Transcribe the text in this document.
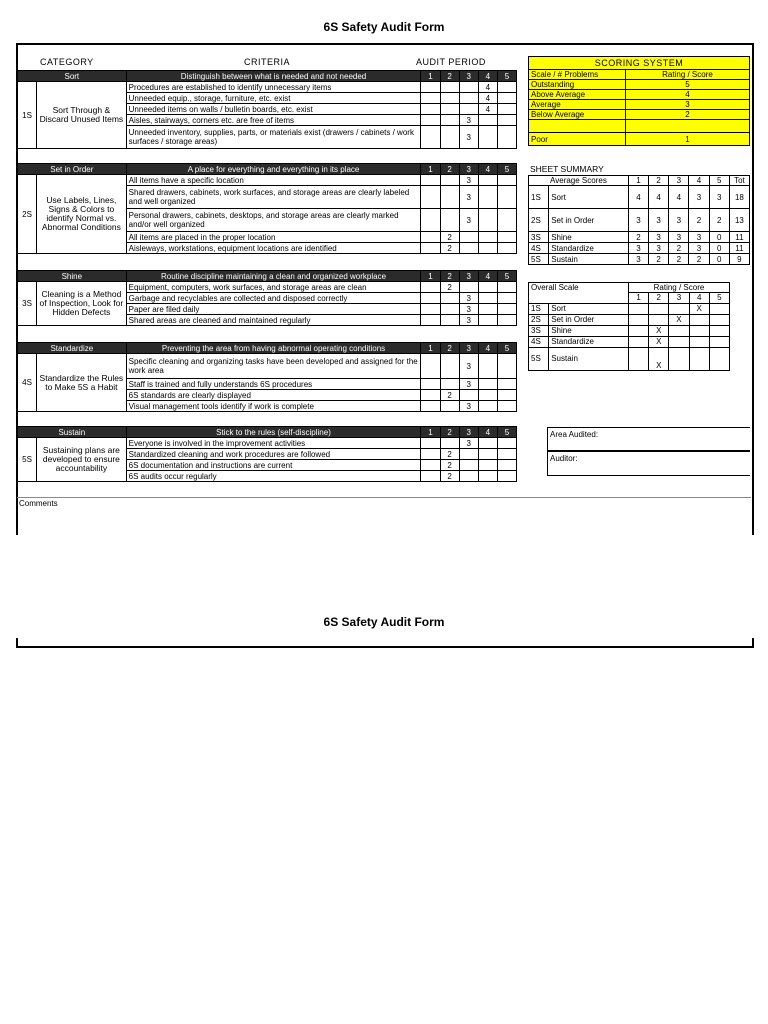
6S Safety Audit Form
CATEGORY	CRITERIA	AUDIT PERIOD
Sort		Distinguish between what is needed and not needed	1	2	3	4	5
1S	Sort Through & Discard Unused Items	Procedures are established to identify unnecessary items				4	
		Unneeded equip., storage, furniture, etc. exist				4	
		Unneeded items on walls / bulletin boards, etc. exist				4	
		Aisles, stairways, corners etc. are free of items			3		
		Unneeded inventory, supplies, parts, or materials exist (drawers / cabinets / work surfaces / storage areas)			3		
Set in Order		A place for everything and everything in its place	1	2	3	4	5
2S	Use Labels, Lines, Signs & Colors to identify Normal vs. Abnormal Conditions	All items have a specific location			3		
		Shared drawers, cabinets, work surfaces, and storage areas are clearly labeled and well organized			3		
		Personal drawers, cabinets, desktops, and storage areas are clearly marked and/or well organized			3		
		All items are placed in the proper location		2			
		Aisleways, workstations, equipment locations are identified		2			
Shine		Routine discipline maintaining a clean and organized workplace	1	2	3	4	5
3S	Cleaning is a Method of Inspection, Look for Hidden Defects	Equipment, computers, work surfaces, and storage areas are clean		2			
		Garbage and recyclables are collected and disposed correctly			3		
		Paper are filed daily			3		
		Shared areas are cleaned and maintained regularly			3		
Standardize		Preventing the area from having abnormal operating conditions	1	2	3	4	5
4S	Standardize the Rules to Make 5S a Habit	Specific cleaning and organizing tasks have been developed and assigned for the work area			3		
		Staff is trained and fully understands 6S procedures			3		
		6S standards are clearly displayed		2			
		Visual management tools identify if work is complete			3		
Sustain		Stick to the rules (self-discipline)	1	2	3	4	5
5S	Sustaining plans are developed to ensure accountability	Everyone is involved in the improvement activities			3		
		Standardized cleaning and work procedures are followed		2			
		6S documentation and instructions are current		2			
		6S audits occur regularly		2			
SCORING SYSTEM	
Scale / # Problems	Rating / Score
Outstanding	5
Above Average	4
Average	3
Below Average	2

Poor	1
SHEET SUMMARY
Average Scores		1	2	3	4	5	Tot
1S	Sort	4	4	4	3	3	18
2S	Set in Order	3	3	3	2	2	13
3S	Shine	2	3	3	3	0	11
4S	Standardize	3	3	2	3	0	11
5S	Sustain	3	2	2	2	0	9
Overall Scale		Rating / Score				
		1	2	3	4	5
1S	Sort				X	
2S	Set in Order			X		
3S	Shine		X			
4S	Standardize		X			
5S	Sustain		X			
Area Audited:
Auditor:
Comments
6S Safety Audit Form
